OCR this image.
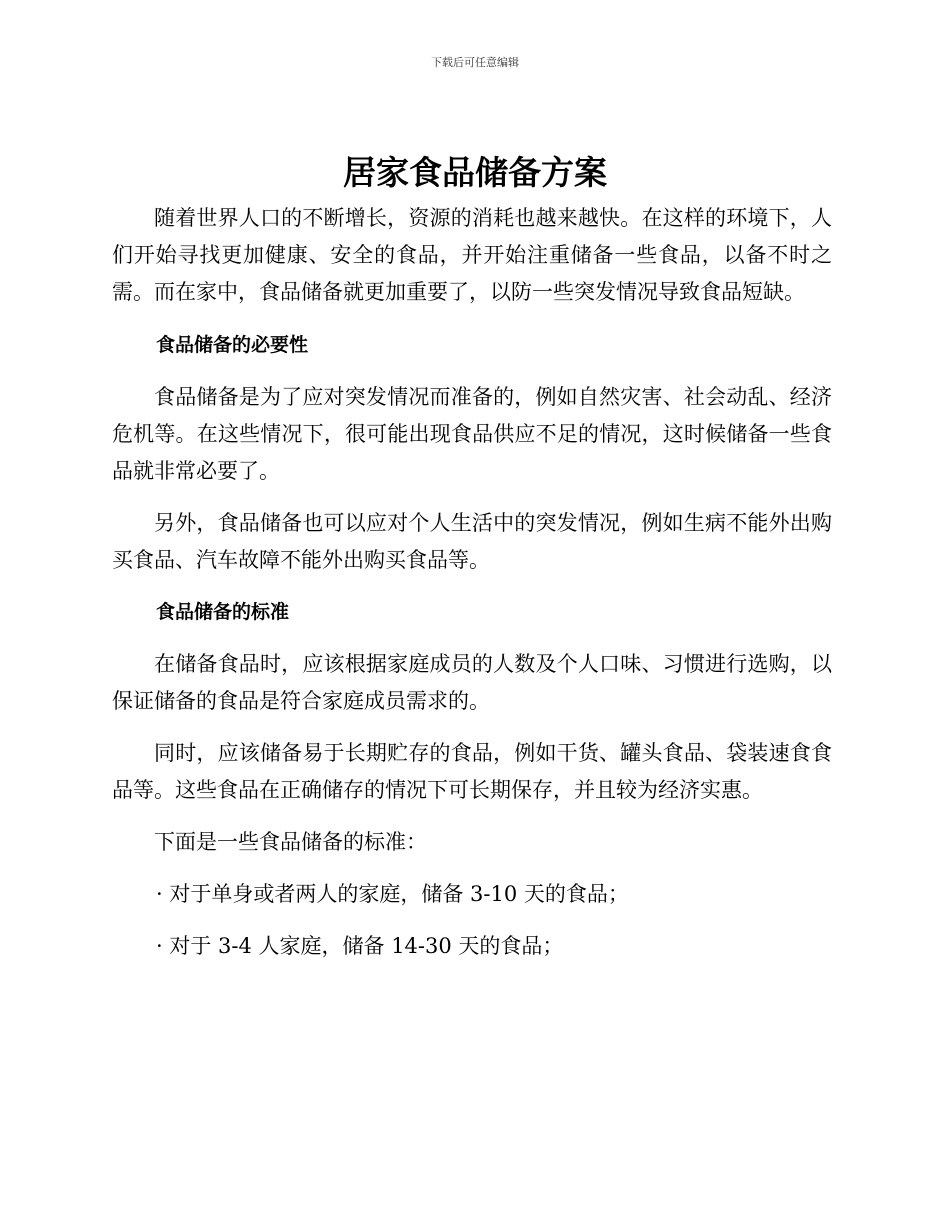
下载后可任意编辑
居家食品储备方案

随着世界人口的不断增长，资源的消耗也越来越快。在这样的环境下，人们开始寻找更加健康、安全的食品，并开始注重储备一些食品，以备不时之需。而在家中，食品储备就更加重要了，以防一些突发情况导致食品短缺。

食品储备的必要性

食品储备是为了应对突发情况而准备的，例如自然灾害、社会动乱、经济危机等。在这些情况下，很可能出现食品供应不足的情况，这时候储备一些食品就非常必要了。

另外，食品储备也可以应对个人生活中的突发情况，例如生病不能外出购买食品、汽车故障不能外出购买食品等。

食品储备的标准

在储备食品时，应该根据家庭成员的人数及个人口味、习惯进行选购，以保证储备的食品是符合家庭成员需求的。

同时，应该储备易于长期贮存的食品，例如干货、罐头食品、袋装速食食品等。这些食品在正确储存的情况下可长期保存，并且较为经济实惠。

下面是一些食品储备的标准：

· 对于单身或者两人的家庭，储备 3-10 天的食品；
· 对于 3-4 人家庭，储备 14-30 天的食品；
